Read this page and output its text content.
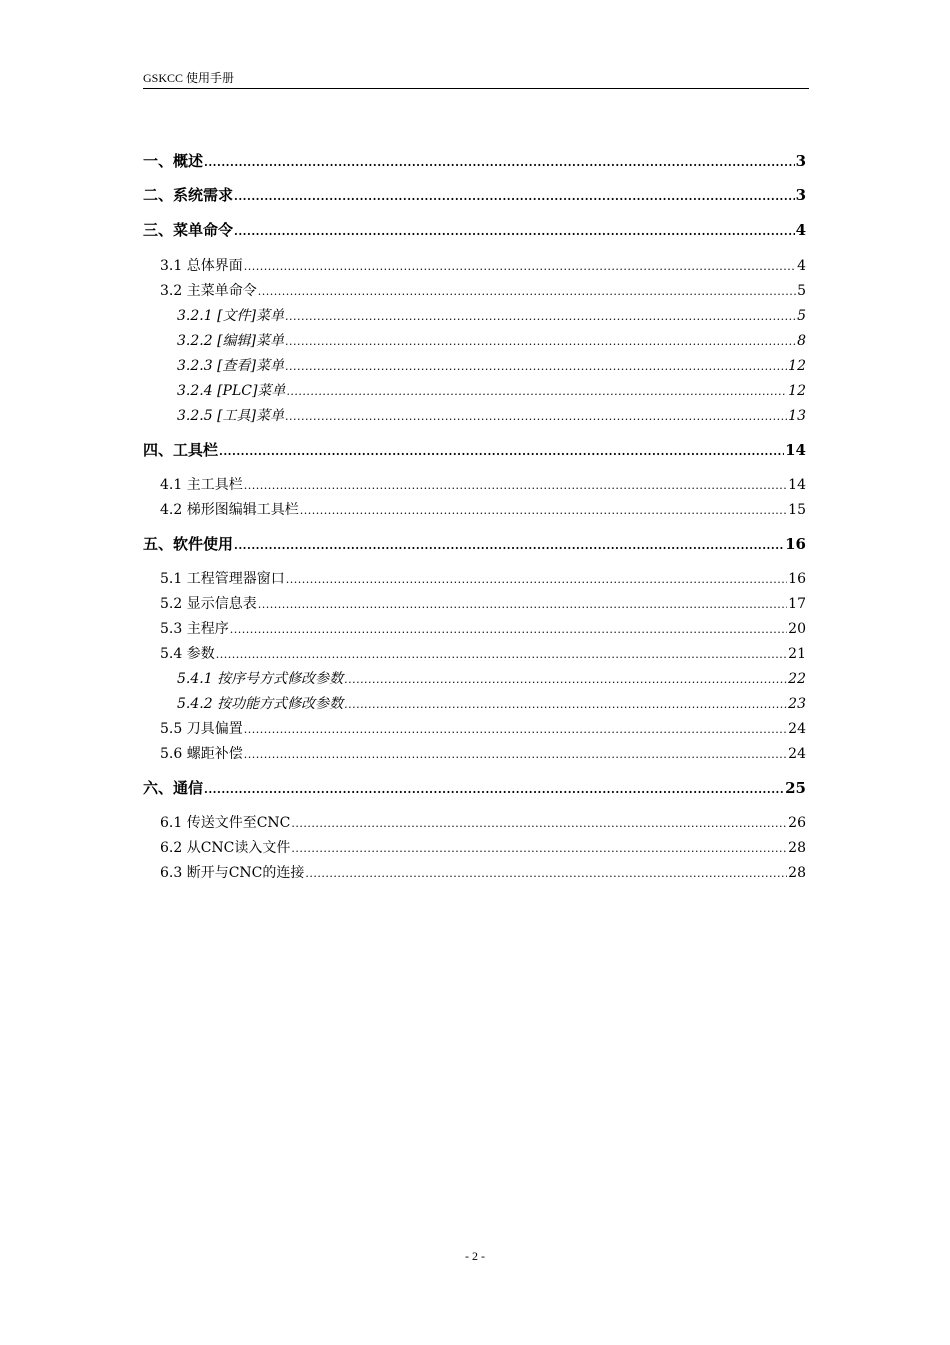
GSKCC 使用手册
一、概述 .....	3
二、系统需求 .....	3
三、菜单命令 .....	4
3.1 总体界面 .....	4
3.2 主菜单命令 .....	5
3.2.1 [文件]菜单 .....	5
3.2.2 [编辑]菜单 .....	8
3.2.3 [查看]菜单 .....	12
3.2.4 [PLC]菜单 .....	12
3.2.5 [工具]菜单 .....	13
四、工具栏 .....	14
4.1 主工具栏 .....	14
4.2 梯形图编辑工具栏 .....	15
五、软件使用 .....	16
5.1 工程管理器窗口 .....	16
5.2 显示信息表 .....	17
5.3 主程序 .....	20
5.4 参数 .....	21
5.4.1 按序号方式修改参数 .....	22
5.4.2 按功能方式修改参数 .....	23
5.5 刀具偏置 .....	24
5.6 螺距补偿 .....	24
六、通信 .....	25
6.1 传送文件至CNC .....	26
6.2 从CNC读入文件 .....	28
6.3 断开与CNC的连接 .....	28
- 2 -
